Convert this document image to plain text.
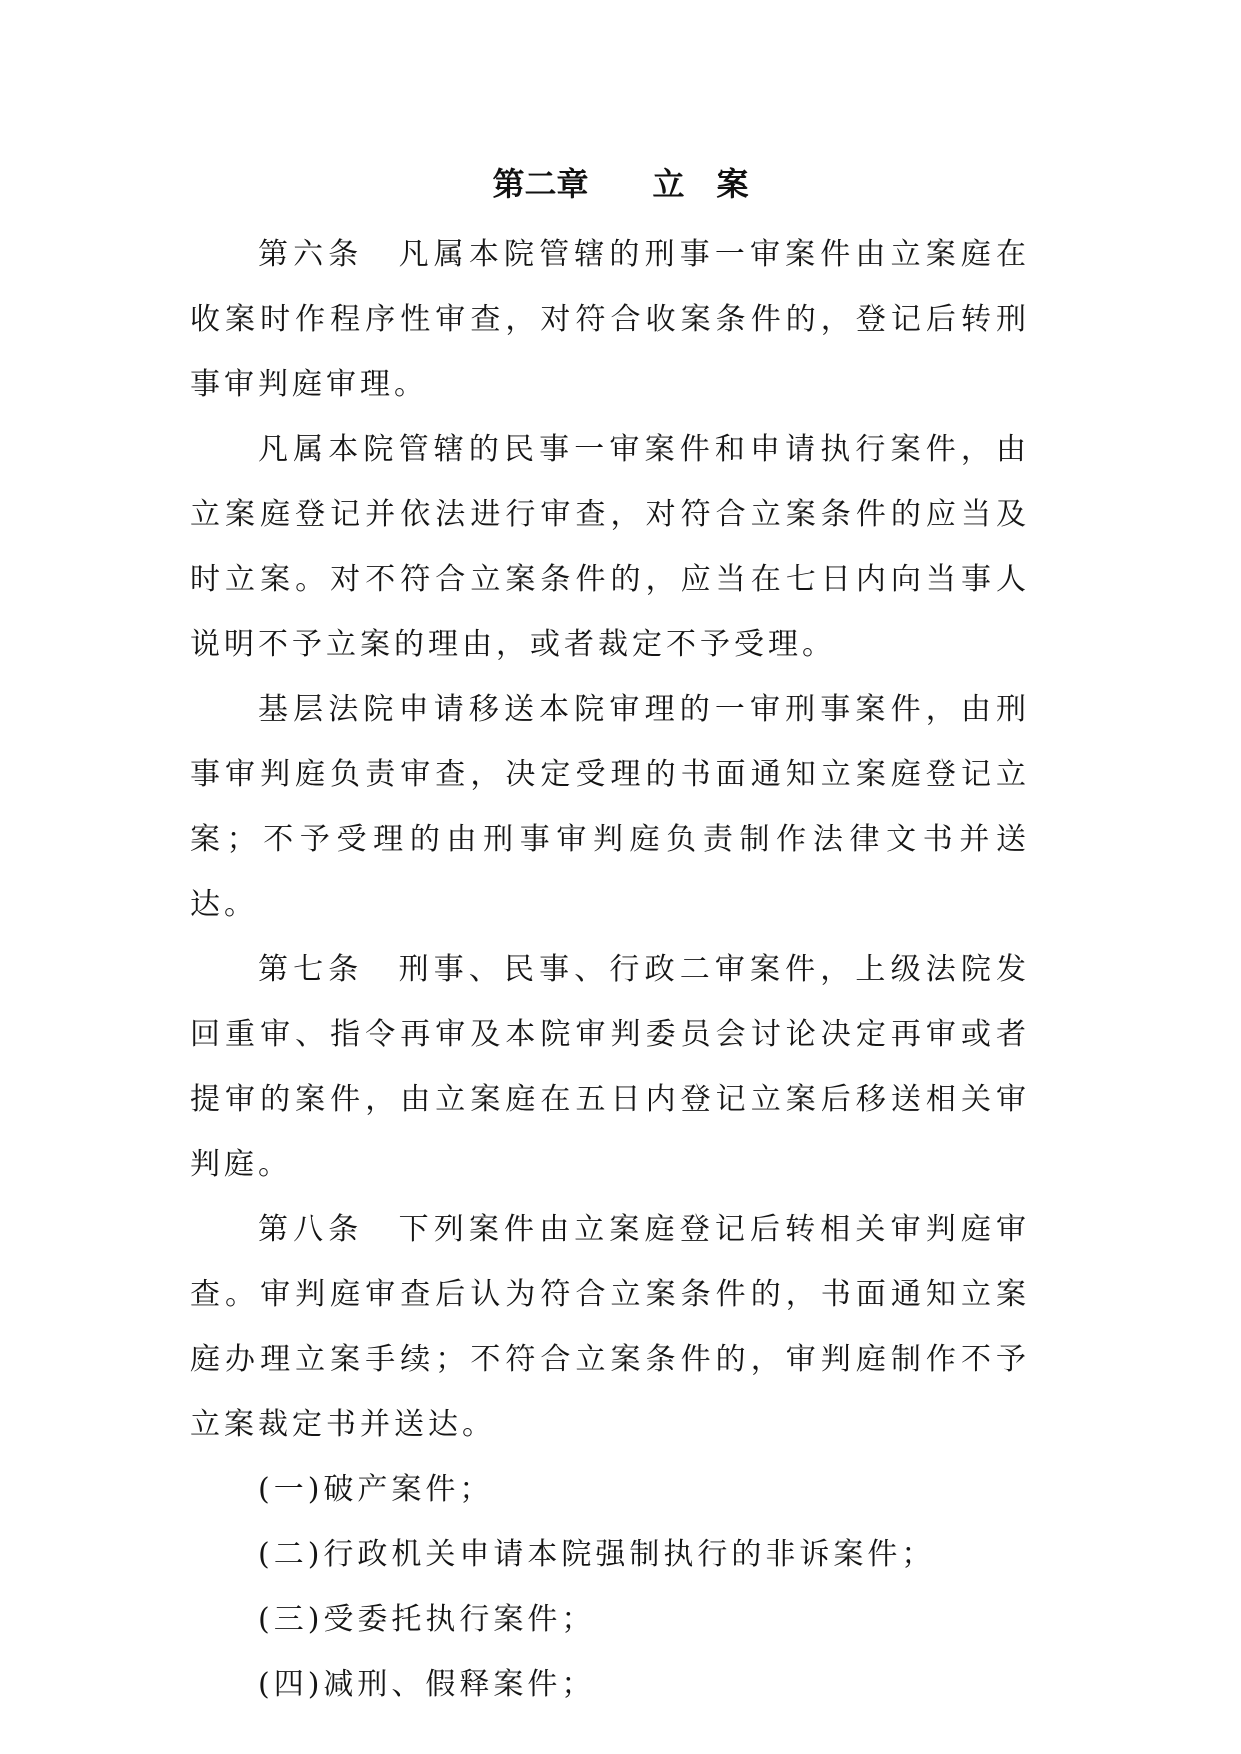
第二章　　立　案

第六条　凡属本院管辖的刑事一审案件由立案庭在收案时作程序性审查，对符合收案条件的，登记后转刑事审判庭审理。

凡属本院管辖的民事一审案件和申请执行案件，由立案庭登记并依法进行审查，对符合立案条件的应当及时立案。对不符合立案条件的，应当在七日内向当事人说明不予立案的理由，或者裁定不予受理。

基层法院申请移送本院审理的一审刑事案件，由刑事审判庭负责审查，决定受理的书面通知立案庭登记立案；不予受理的由刑事审判庭负责制作法律文书并送达。

第七条　刑事、民事、行政二审案件，上级法院发回重审、指令再审及本院审判委员会讨论决定再审或者提审的案件，由立案庭在五日内登记立案后移送相关审判庭。

第八条　下列案件由立案庭登记后转相关审判庭审查。审判庭审查后认为符合立案条件的，书面通知立案庭办理立案手续；不符合立案条件的，审判庭制作不予立案裁定书并送达。

(一)破产案件；

(二)行政机关申请本院强制执行的非诉案件；

(三)受委托执行案件；

(四)减刑、假释案件；
